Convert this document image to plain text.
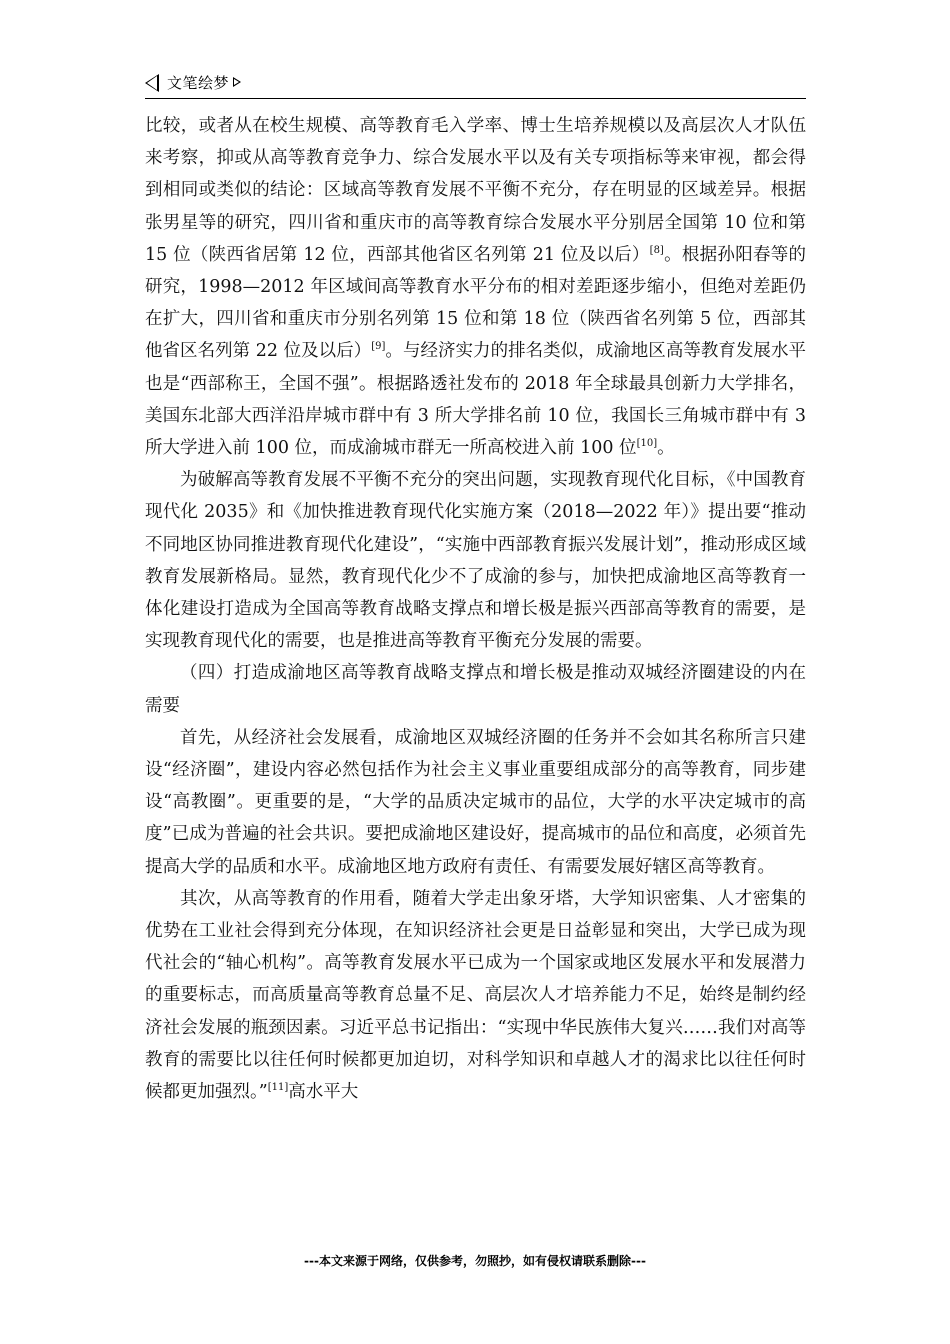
文笔绘梦

比较，或者从在校生规模、高等教育毛入学率、博士生培养规模以及高层次人才队伍来考察，抑或从高等教育竞争力、综合发展水平以及有关专项指标等来审视，都会得到相同或类似的结论：区域高等教育发展不平衡不充分，存在明显的区域差异。根据张男星等的研究，四川省和重庆市的高等教育综合发展水平分别居全国第 10 位和第 15 位（陕西省居第 12 位，西部其他省区名列第 21 位及以后）[8]。根据孙阳春等的研究，1998—2012 年区域间高等教育水平分布的相对差距逐步缩小，但绝对差距仍在扩大，四川省和重庆市分别名列第 15 位和第 18 位（陕西省名列第 5 位，西部其他省区名列第 22 位及以后）[9]。与经济实力的排名类似，成渝地区高等教育发展水平也是“西部称王，全国不强”。根据路透社发布的 2018 年全球最具创新力大学排名，美国东北部大西洋沿岸城市群中有 3 所大学排名前 10 位，我国长三角城市群中有 3 所大学进入前 100 位，而成渝城市群无一所高校进入前 100 位[10]。

为破解高等教育发展不平衡不充分的突出问题，实现教育现代化目标，《中国教育现代化 2035》和《加快推进教育现代化实施方案（2018—2022 年）》提出要“推动不同地区协同推进教育现代化建设”，“实施中西部教育振兴发展计划”，推动形成区域教育发展新格局。显然，教育现代化少不了成渝的参与，加快把成渝地区高等教育一体化建设打造成为全国高等教育战略支撑点和增长极是振兴西部高等教育的需要，是实现教育现代化的需要，也是推进高等教育平衡充分发展的需要。

（四）打造成渝地区高等教育战略支撑点和增长极是推动双城经济圈建设的内在需要

首先，从经济社会发展看，成渝地区双城经济圈的任务并不会如其名称所言只建设“经济圈”，建设内容必然包括作为社会主义事业重要组成部分的高等教育，同步建设“高教圈”。更重要的是，“大学的品质决定城市的品位，大学的水平决定城市的高度”已成为普遍的社会共识。要把成渝地区建设好，提高城市的品位和高度，必须首先提高大学的品质和水平。成渝地区地方政府有责任、有需要发展好辖区高等教育。

其次，从高等教育的作用看，随着大学走出象牙塔，大学知识密集、人才密集的优势在工业社会得到充分体现，在知识经济社会更是日益彰显和突出，大学已成为现代社会的“轴心机构”。高等教育发展水平已成为一个国家或地区发展水平和发展潜力的重要标志，而高质量高等教育总量不足、高层次人才培养能力不足，始终是制约经济社会发展的瓶颈因素。习近平总书记指出：“实现中华民族伟大复兴……我们对高等教育的需要比以往任何时候都更加迫切，对科学知识和卓越人才的渴求比以往任何时候都更加强烈。”[11]高水平大

---本文来源于网络，仅供参考，勿照抄，如有侵权请联系删除---
